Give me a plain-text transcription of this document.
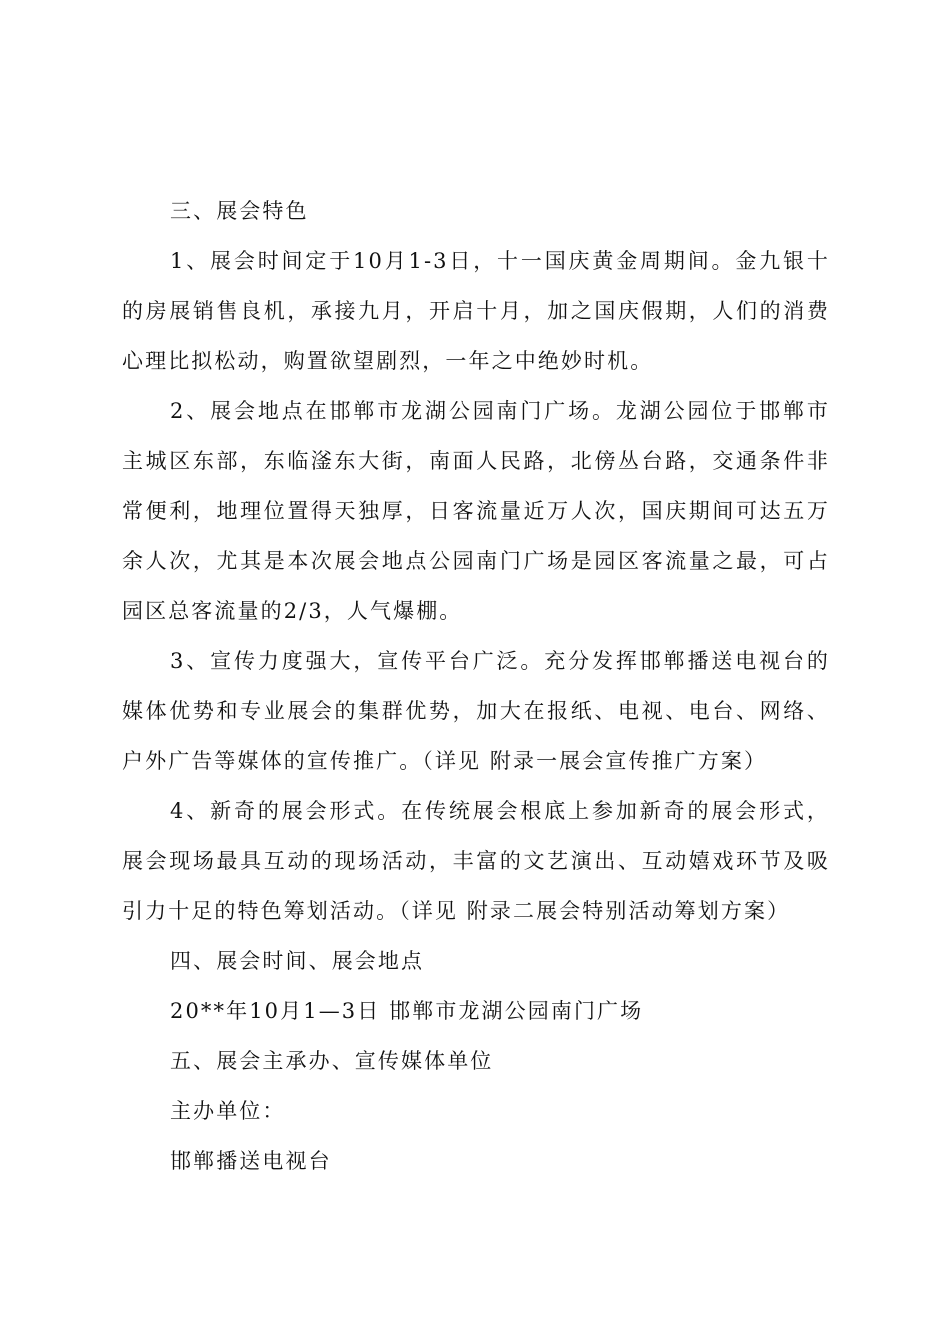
三、展会特色
1、展会时间定于10月1-3日，十一国庆黄金周期间。金九银十的房展销售良机，承接九月，开启十月，加之国庆假期，人们的消费心理比拟松动，购置欲望剧烈，一年之中绝妙时机。
2、展会地点在邯郸市龙湖公园南门广场。龙湖公园位于邯郸市主城区东部，东临滏东大街，南面人民路，北傍丛台路，交通条件非常便利，地理位置得天独厚，日客流量近万人次，国庆期间可达五万余人次，尤其是本次展会地点公园南门广场是园区客流量之最，可占园区总客流量的2/3，人气爆棚。
3、宣传力度强大，宣传平台广泛。充分发挥邯郸播送电视台的媒体优势和专业展会的集群优势，加大在报纸、电视、电台、网络、户外广告等媒体的宣传推广。（详见 附录一展会宣传推广方案）
4、新奇的展会形式。在传统展会根底上参加新奇的展会形式，展会现场最具互动的现场活动，丰富的文艺演出、互动嬉戏环节及吸引力十足的特色筹划活动。（详见 附录二展会特别活动筹划方案）
四、展会时间、展会地点
20**年10月1—3日 邯郸市龙湖公园南门广场
五、展会主承办、宣传媒体单位
主办单位：
邯郸播送电视台
